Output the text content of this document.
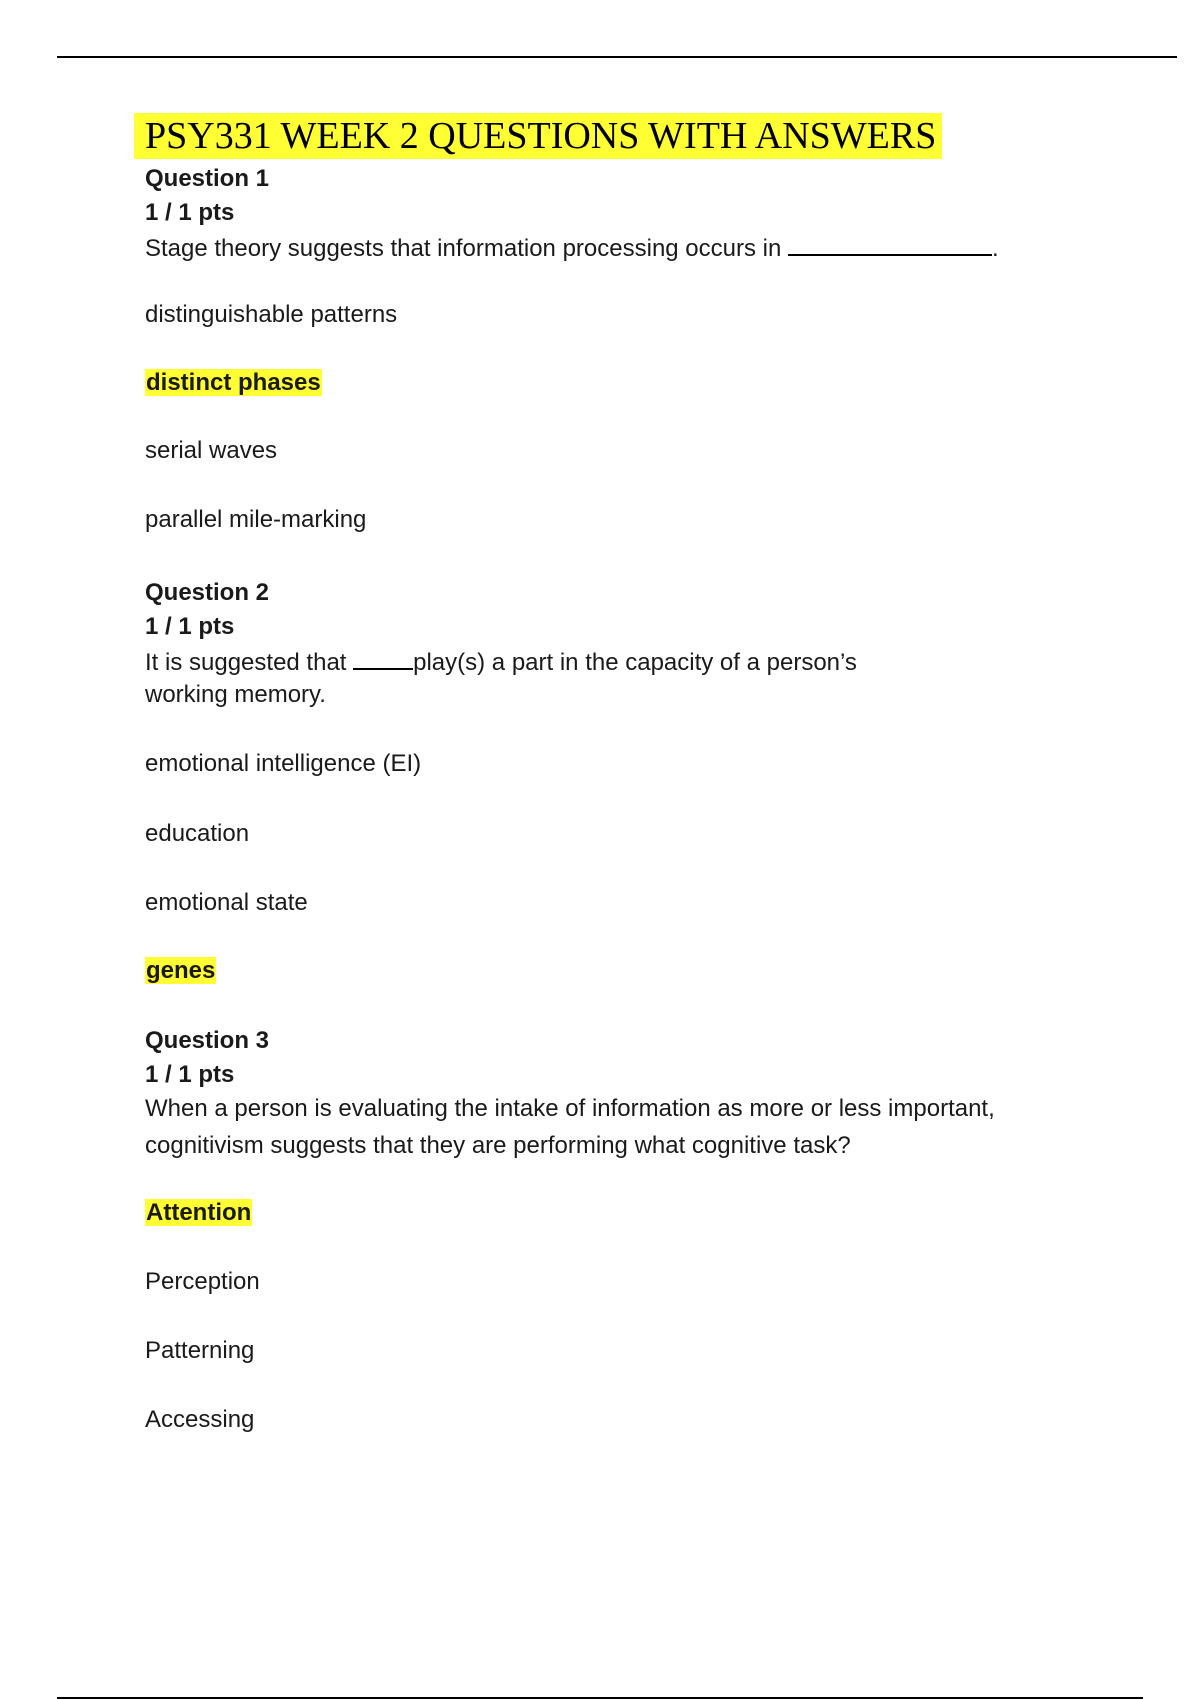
PSY331 WEEK 2 QUESTIONS WITH ANSWERS
Question 1
1 / 1 pts
Stage theory suggests that information processing occurs in	.
distinguishable patterns
distinct phases
serial waves
parallel mile-marking
Question 2
1 / 1 pts
It is suggested that	play(s) a part in the capacity of a person’s
working memory.
emotional intelligence (EI)
education
emotional state
genes
Question 3
1 / 1 pts
When a person is evaluating the intake of information as more or less important,
cognitivism suggests that they are performing what cognitive task?
Attention
Perception
Patterning
Accessing
